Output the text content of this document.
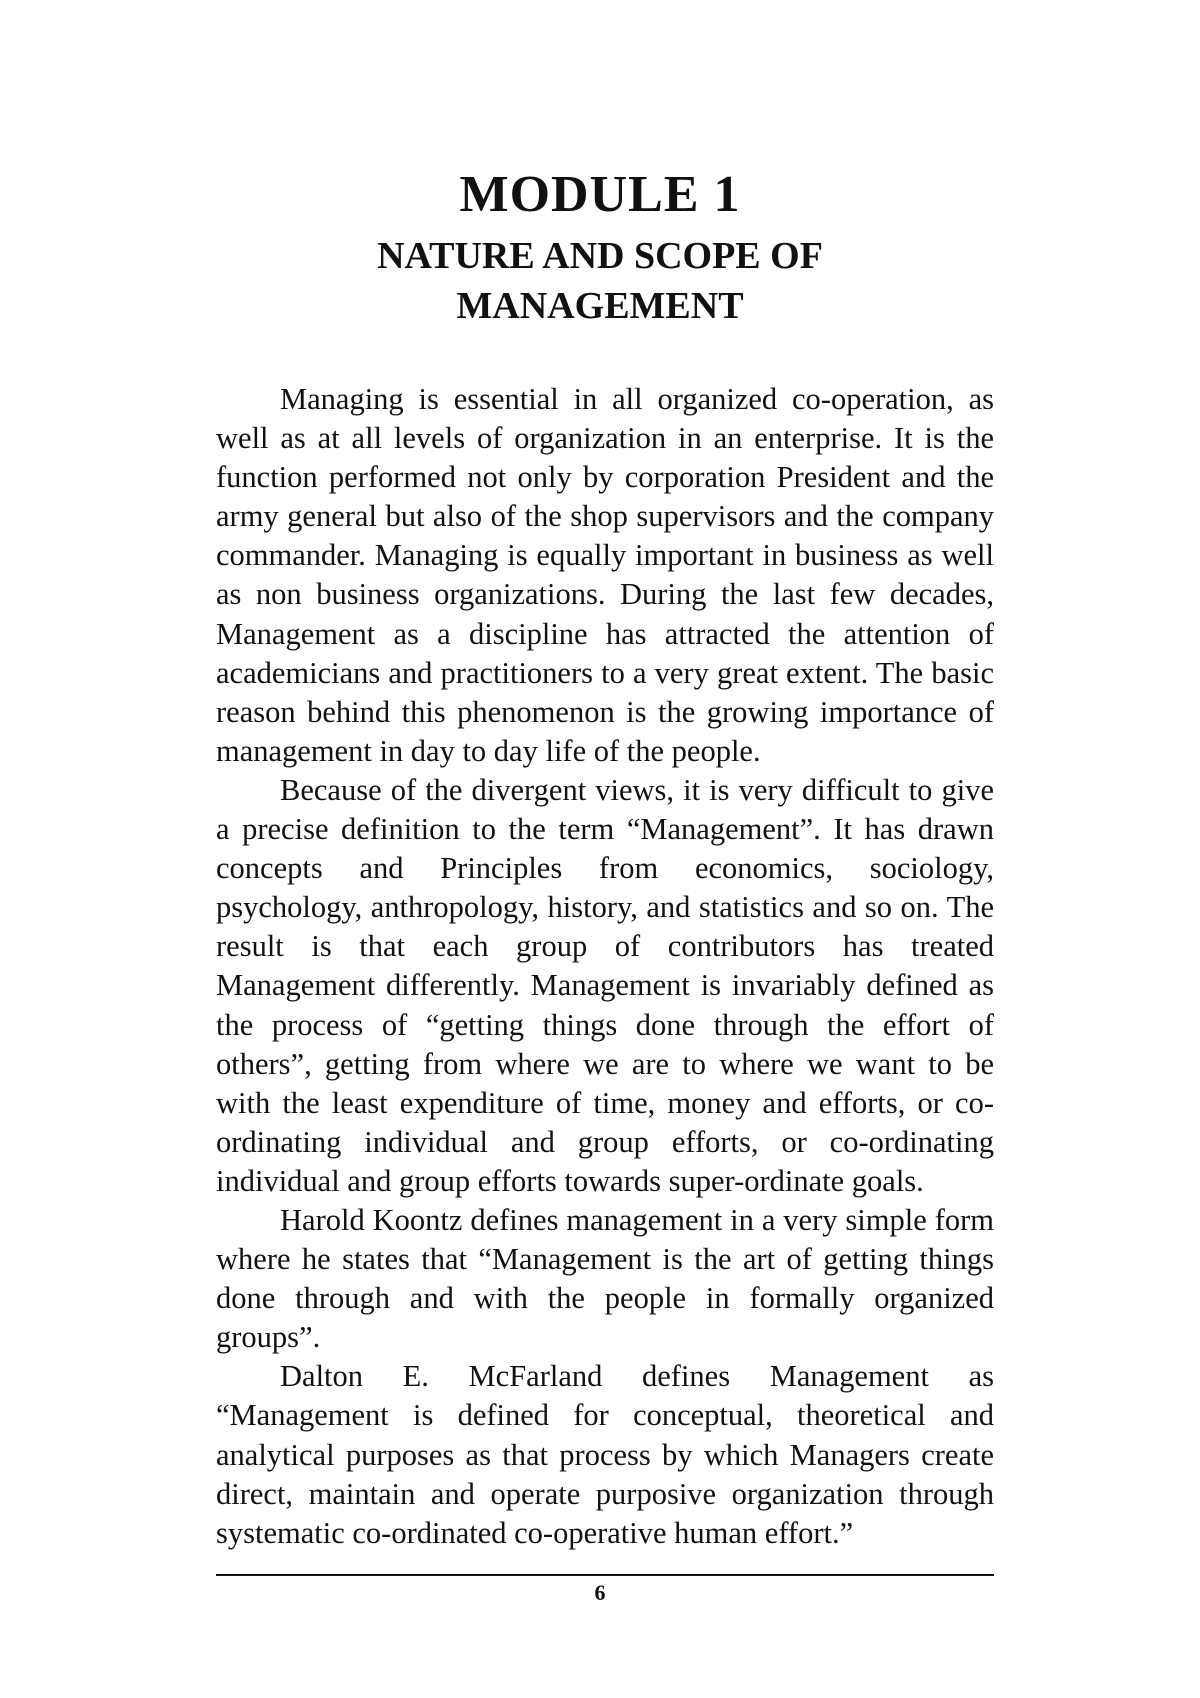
MODULE 1
NATURE AND SCOPE OF
MANAGEMENT

Managing is essential in all organized co-operation, as well as at all levels of organization in an enterprise. It is the function performed not only by corporation President and the army general but also of the shop supervisors and the company commander. Managing is equally important in business as well as non business organizations. During the last few decades, Management as a discipline has attracted the attention of academicians and practitioners to a very great extent. The basic reason behind this phenomenon is the growing importance of management in day to day life of the people.

Because of the divergent views, it is very difficult to give a precise definition to the term “Management”. It has drawn concepts and Principles from economics, sociology, psychology, anthropology, history, and statistics and so on. The result is that each group of contributors has treated Management differently. Management is invariably defined as the process of “getting things done through the effort of others”, getting from where we are to where we want to be with the least expenditure of time, money and efforts, or co-ordinating individual and group efforts, or co-ordinating individual and group efforts towards super-ordinate goals.

Harold Koontz defines management in a very simple form where he states that “Management is the art of getting things done through and with the people in formally organized groups”.

Dalton E. McFarland defines Management as “Management is defined for conceptual, theoretical and analytical purposes as that process by which Managers create direct, maintain and operate purposive organization through systematic co-ordinated co-operative human effort.”

6
